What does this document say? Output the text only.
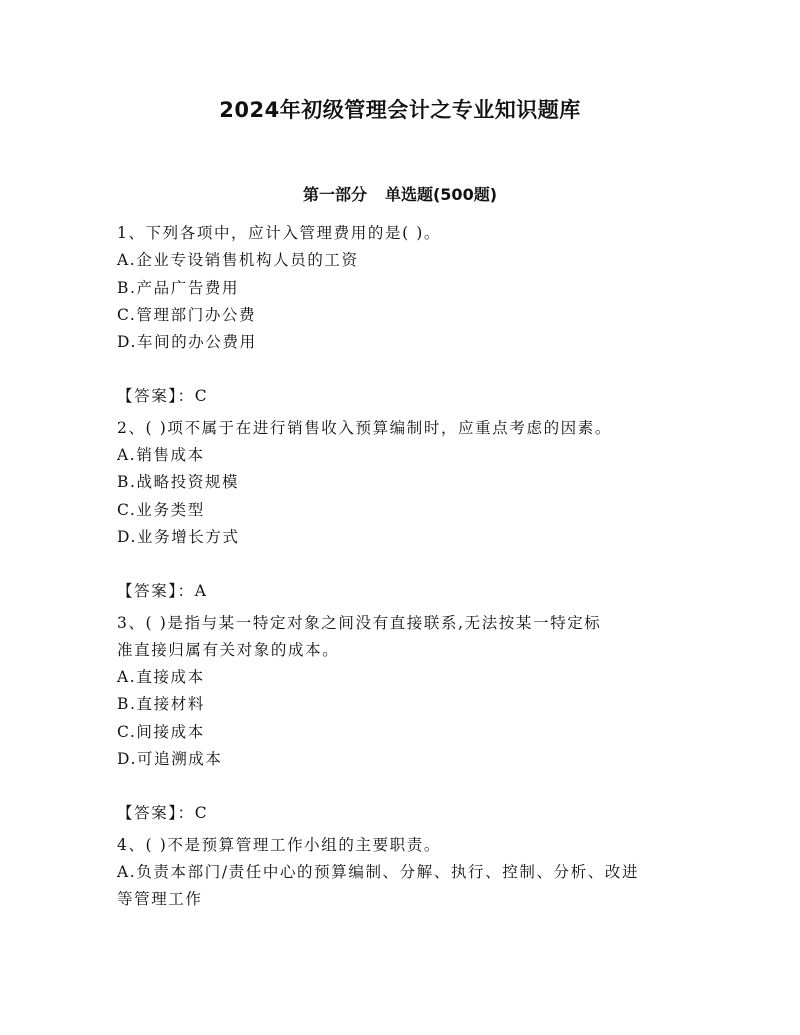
2024年初级管理会计之专业知识题库
第一部分 单选题(500题)
1、下列各项中，应计入管理费用的是( )。
A.企业专设销售机构人员的工资
B.产品广告费用
C.管理部门办公费
D.车间的办公费用
【答案】：C
2、( )项不属于在进行销售收入预算编制时，应重点考虑的因素。
A.销售成本
B.战略投资规模
C.业务类型
D.业务增长方式
【答案】：A
3、( )是指与某一特定对象之间没有直接联系,无法按某一特定标
准直接归属有关对象的成本。
A.直接成本
B.直接材料
C.间接成本
D.可追溯成本
【答案】：C
4、( )不是预算管理工作小组的主要职责。
A.负责本部门/责任中心的预算编制、分解、执行、控制、分析、改进
等管理工作
